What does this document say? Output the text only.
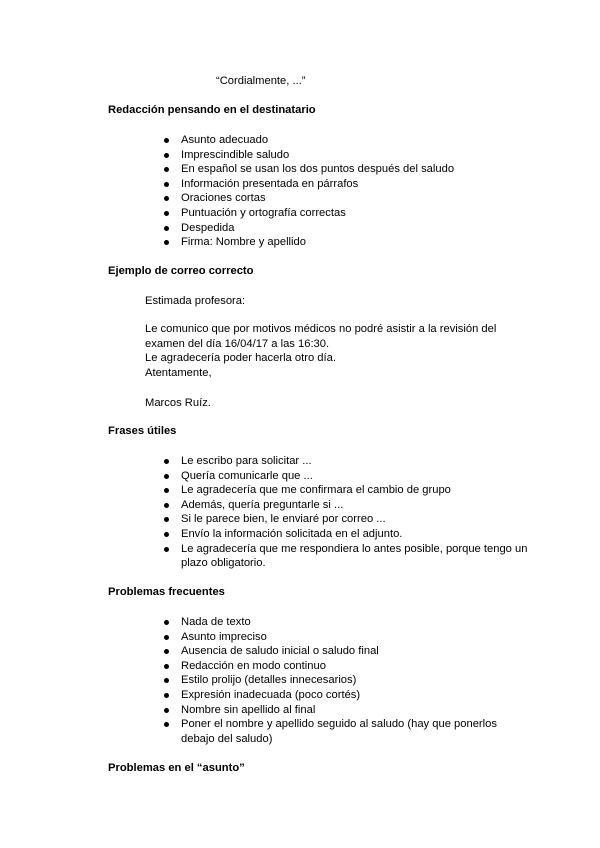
“Cordialmente, ...”
Redacción pensando en el destinatario
Asunto adecuado
Imprescindible saludo
En español se usan los dos puntos después del saludo
Información presentada en párrafos
Oraciones cortas
Puntuación y ortografía correctas
Despedida
Firma: Nombre y apellido
Ejemplo de correo correcto
Estimada profesora:
Le comunico que por motivos médicos no podré asistir a la revisión del
examen del día 16/04/17 a las 16:30.
Le agradecería poder hacerla otro día.
Atentamente,
Marcos Ruíz.
Frases útiles
Le escribo para solicitar ...
Quería comunicarle que ...
Le agradecería que me confirmara el cambio de grupo
Además, quería preguntarle si ...
Si le parece bien, le enviaré por correo ...
Envío la información solicitada en el adjunto.
Le agradecería que me respondiera lo antes posible, porque tengo un
plazo obligatorio.
Problemas frecuentes
Nada de texto
Asunto impreciso
Ausencia de saludo inicial o saludo final
Redacción en modo continuo
Estilo prolijo (detalles innecesarios)
Expresión inadecuada (poco cortés)
Nombre sin apellido al final
Poner el nombre y apellido seguido al saludo (hay que ponerlos
debajo del saludo)
Problemas en el “asunto”
